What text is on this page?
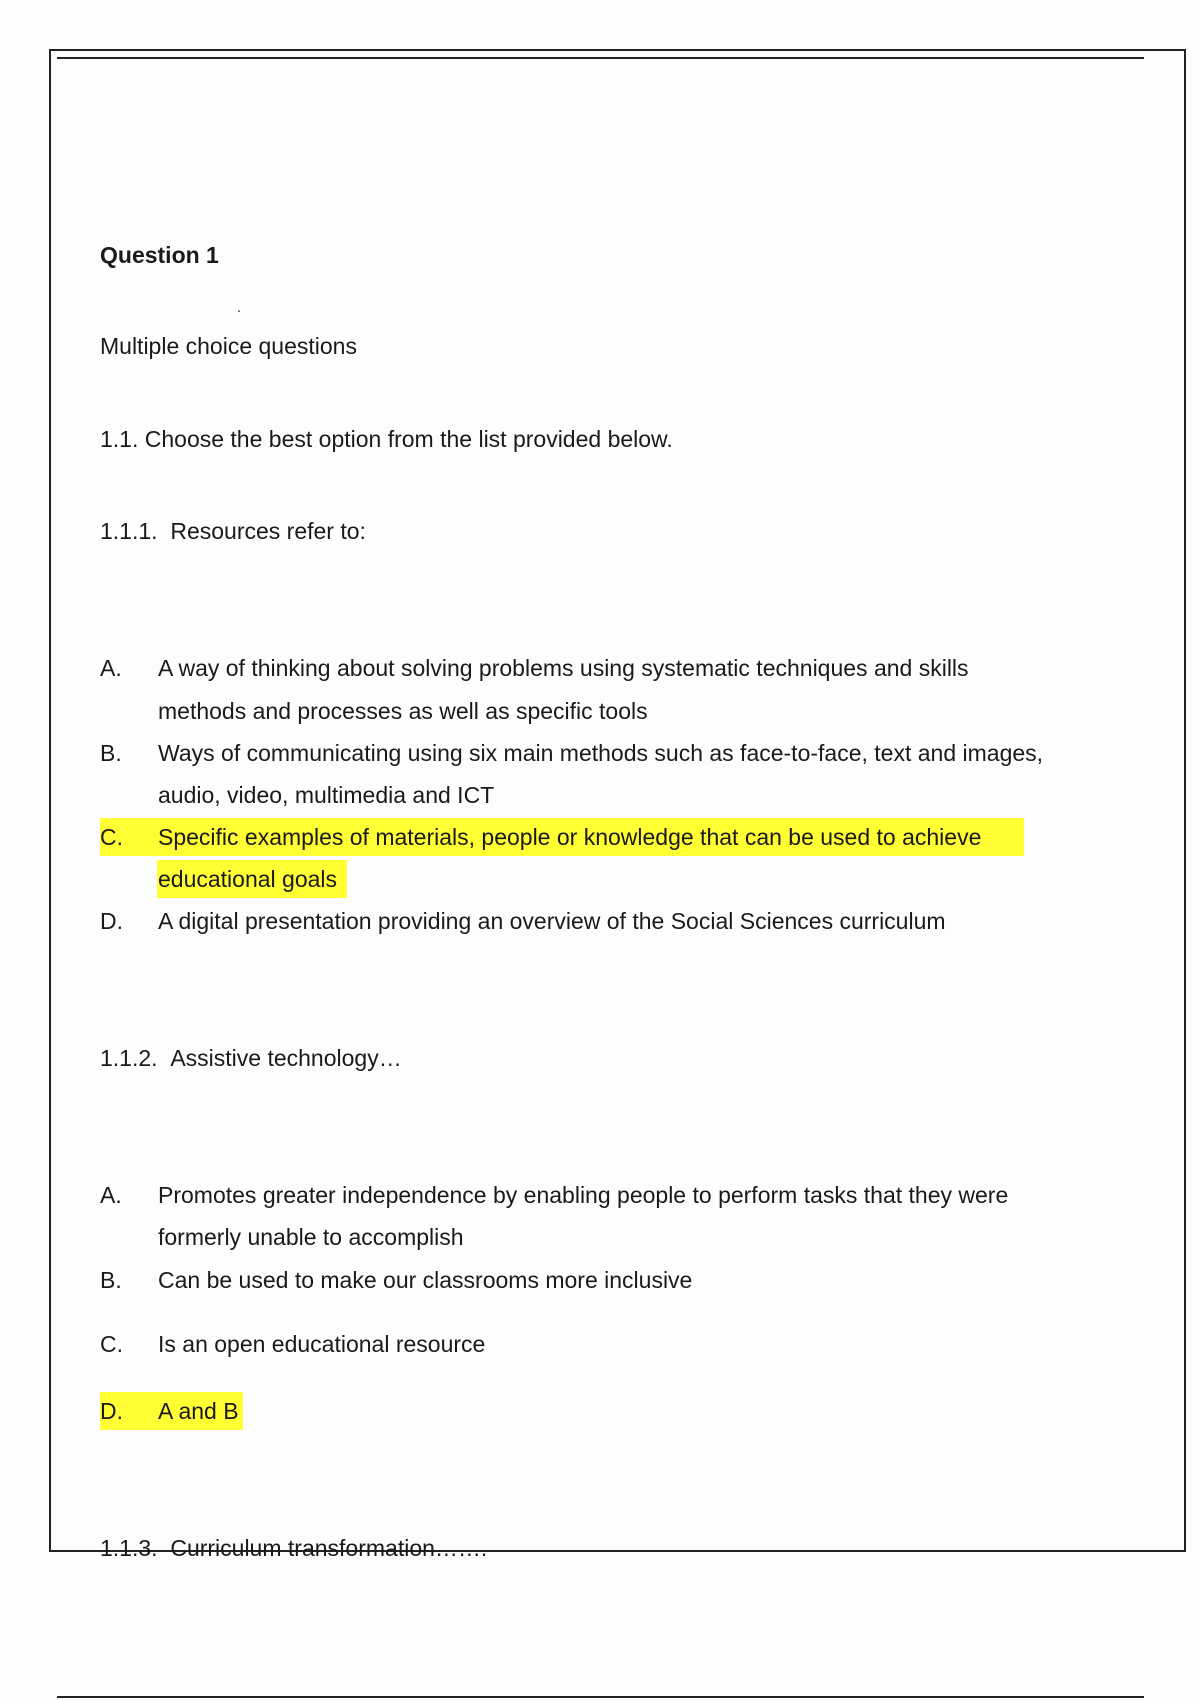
Question 1
.
Multiple choice questions
1.1. Choose the best option from the list provided below.
1.1.1. Resources refer to:
A. A way of thinking about solving problems using systematic techniques and skills
methods and processes as well as specific tools
B. Ways of communicating using six main methods such as face-to-face, text and images,
audio, video, multimedia and ICT
C. Specific examples of materials, people or knowledge that can be used to achieve
educational goals
D. A digital presentation providing an overview of the Social Sciences curriculum
1.1.2. Assistive technology…
A. Promotes greater independence by enabling people to perform tasks that they were
formerly unable to accomplish
B. Can be used to make our classrooms more inclusive
C. Is an open educational resource
D. A and B
1.1.3. Curriculum transformation…….
